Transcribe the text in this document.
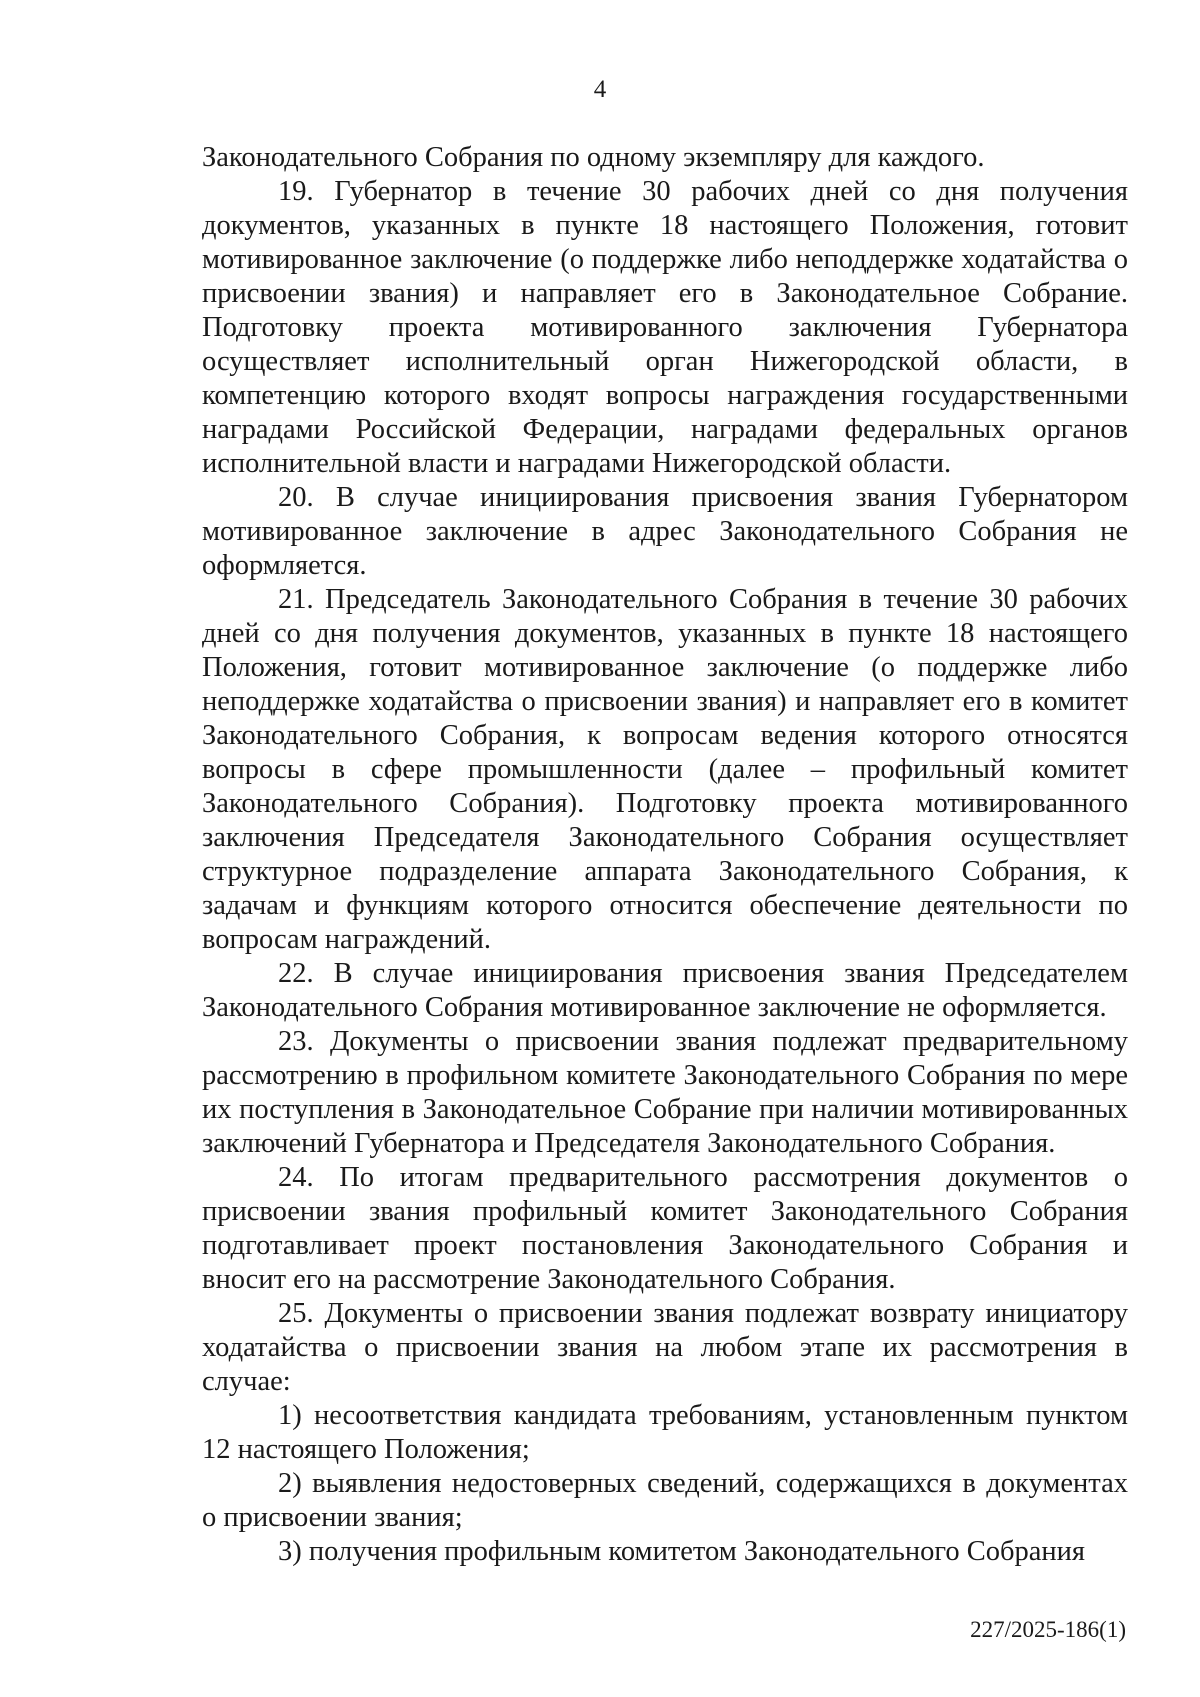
4

Законодательного Собрания по одному экземпляру для каждого.

19. Губернатор в течение 30 рабочих дней со дня получения документов, указанных в пункте 18 настоящего Положения, готовит мотивированное заключение (о поддержке либо неподдержке ходатайства о присвоении звания) и направляет его в Законодательное Собрание. Подготовку проекта мотивированного заключения Губернатора осуществляет исполнительный орган Нижегородской области, в компетенцию которого входят вопросы награждения государственными наградами Российской Федерации, наградами федеральных органов исполнительной власти и наградами Нижегородской области.

20. В случае инициирования присвоения звания Губернатором мотивированное заключение в адрес Законодательного Собрания не оформляется.

21. Председатель Законодательного Собрания в течение 30 рабочих дней со дня получения документов, указанных в пункте 18 настоящего Положения, готовит мотивированное заключение (о поддержке либо неподдержке ходатайства о присвоении звания) и направляет его в комитет Законодательного Собрания, к вопросам ведения которого относятся вопросы в сфере промышленности (далее – профильный комитет Законодательного Собрания). Подготовку проекта мотивированного заключения Председателя Законодательного Собрания осуществляет структурное подразделение аппарата Законодательного Собрания, к задачам и функциям которого относится обеспечение деятельности по вопросам награждений.

22. В случае инициирования присвоения звания Председателем Законодательного Собрания мотивированное заключение не оформляется.

23. Документы о присвоении звания подлежат предварительному рассмотрению в профильном комитете Законодательного Собрания по мере их поступления в Законодательное Собрание при наличии мотивированных заключений Губернатора и Председателя Законодательного Собрания.

24. По итогам предварительного рассмотрения документов о присвоении звания профильный комитет Законодательного Собрания подготавливает проект постановления Законодательного Собрания и вносит его на рассмотрение Законодательного Собрания.

25. Документы о присвоении звания подлежат возврату инициатору ходатайства о присвоении звания на любом этапе их рассмотрения в случае:

1) несоответствия кандидата требованиям, установленным пунктом 12 настоящего Положения;

2) выявления недостоверных сведений, содержащихся в документах о присвоении звания;

3) получения профильным комитетом Законодательного Собрания

227/2025-186(1)
